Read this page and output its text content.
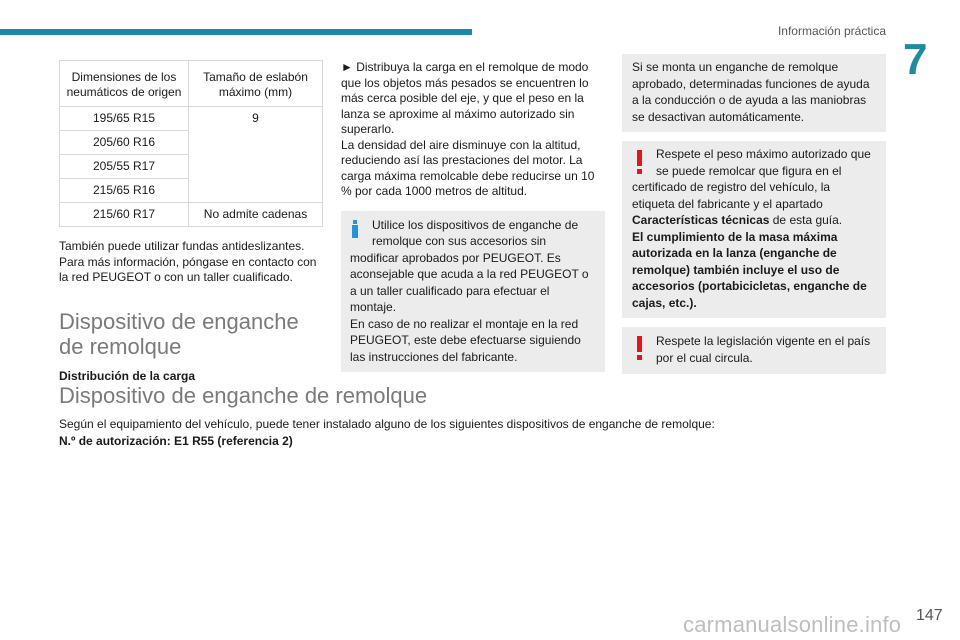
Información práctica
7
Dimensiones de los neumáticos de origen	Tamaño de eslabón máximo (mm)
195/65 R15	9
205/60 R16	
205/55 R17	
215/65 R16	
215/60 R17	No admite cadenas

También puede utilizar fundas antideslizantes. Para más información, póngase en contacto con la red PEUGEOT o con un taller cualificado.

Dispositivo de enganche de remolque

Distribución de la carga

► Distribuya la carga en el remolque de modo que los objetos más pesados se encuentren lo más cerca posible del eje, y que el peso en la lanza se aproxime al máximo autorizado sin superarlo.

La densidad del aire disminuye con la altitud, reduciendo así las prestaciones del motor. La carga máxima remolcable debe reducirse un 10 % por cada 1000 metros de altitud.

Utilice los dispositivos de enganche de remolque con sus accesorios sin
modificar aprobados por PEUGEOT. Es aconsejable que acuda a la red PEUGEOT o a un taller cualificado para efectuar el montaje.
En caso de no realizar el montaje en la red PEUGEOT, este debe efectuarse siguiendo las instrucciones del fabricante.
Si se monta un enganche de remolque aprobado, determinadas funciones de ayuda a la conducción o de ayuda a las maniobras se desactivan automáticamente.
Respete el peso máximo autorizado que se puede remolcar que figura en el
certificado de registro del vehículo, la etiqueta del fabricante y el apartado Características técnicas de esta guía.
El cumplimiento de la masa máxima autorizada en la lanza (enganche de remolque) también incluye el uso de accesorios (portabicicletas, enganche de cajas, etc.).
Respete la legislación vigente en el país
por el cual circula.
Dispositivo de enganche de remolque

Según el equipamiento del vehículo, puede tener instalado alguno de los siguientes dispositivos de enganche de remolque:

N.º de autorización: E1 R55 (referencia 2)

carmanualsonline.info 147
